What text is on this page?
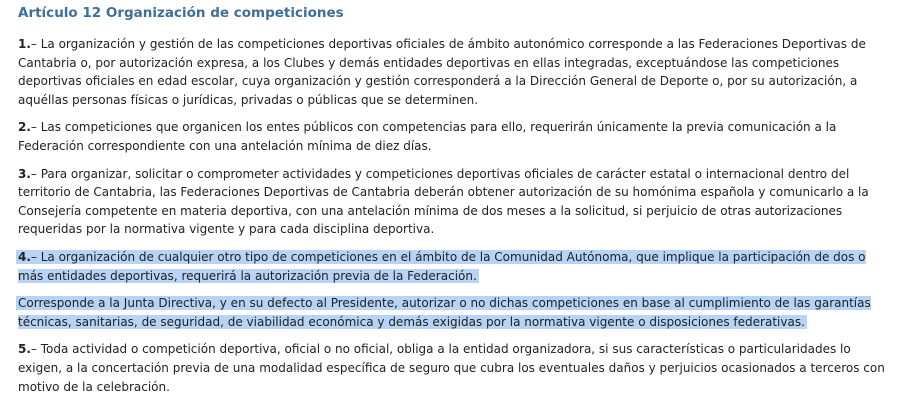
Artículo 12 Organización de competiciones

1.– La organización y gestión de las competiciones deportivas oficiales de ámbito autonómico corresponde a las Federaciones Deportivas de Cantabria o, por autorización expresa, a los Clubes y demás entidades deportivas en ellas integradas, exceptuándose las competiciones deportivas oficiales en edad escolar, cuya organización y gestión corresponderá a la Dirección General de Deporte o, por su autorización, a aquéllas personas físicas o jurídicas, privadas o públicas que se determinen.

2.– Las competiciones que organicen los entes públicos con competencias para ello, requerirán únicamente la previa comunicación a la Federación correspondiente con una antelación mínima de diez días.

3.– Para organizar, solicitar o comprometer actividades y competiciones deportivas oficiales de carácter estatal o internacional dentro del territorio de Cantabria, las Federaciones Deportivas de Cantabria deberán obtener autorización de su homónima española y comunicarlo a la Consejería competente en materia deportiva, con una antelación mínima de dos meses a la solicitud, si perjuicio de otras autorizaciones requeridas por la normativa vigente y para cada disciplina deportiva.

4.– La organización de cualquier otro tipo de competiciones en el ámbito de la Comunidad Autónoma, que implique la participación de dos o más entidades deportivas, requerirá la autorización previa de la Federación.

Corresponde a la Junta Directiva, y en su defecto al Presidente, autorizar o no dichas competiciones en base al cumplimiento de las garantías técnicas, sanitarias, de seguridad, de viabilidad económica y demás exigidas por la normativa vigente o disposiciones federativas.

5.– Toda actividad o competición deportiva, oficial o no oficial, obliga a la entidad organizadora, si sus características o particularidades lo exigen, a la concertación previa de una modalidad específica de seguro que cubra los eventuales daños y perjuicios ocasionados a terceros con motivo de la celebración.
